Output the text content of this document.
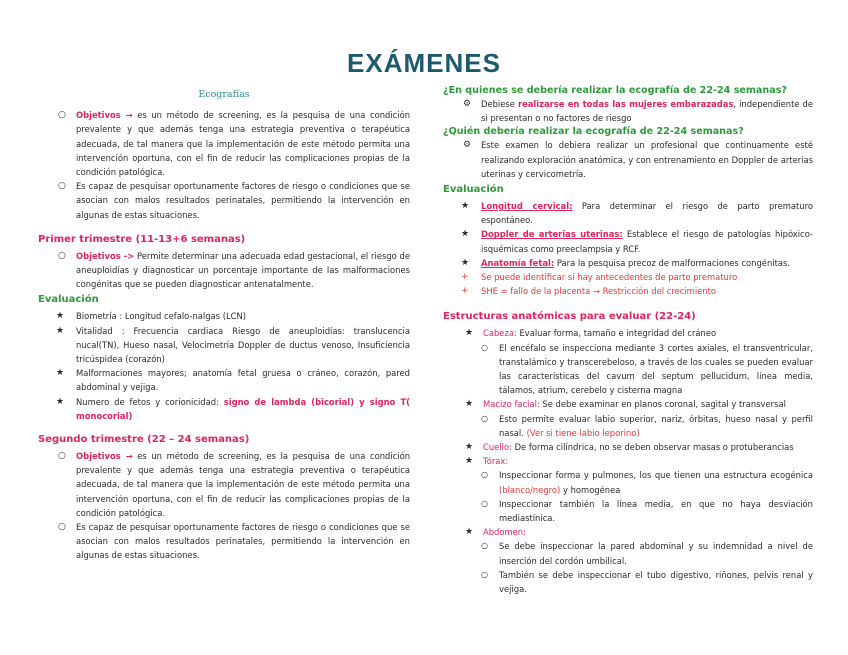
EXÁMENES
Ecografías
○ Objetivos → es un método de screening, es la pesquisa de una condición prevalente y que además tenga una estrategia preventiva o terapéutica adecuada, de tal manera que la implementación de este método permita una intervención oportuna, con el fin de reducir las complicaciones propias de la condición patológica.
○ Es capaz de pesquisar oportunamente factores de riesgo o condiciones que se asocian con malos resultados perinatales, permitiendo la intervención en algunas de estas situaciones.
Primer trimestre (11-13+6 semanas)
○ Objetivos -> Permite determinar una adecuada edad gestacional, el riesgo de aneuploidías y diagnosticar un porcentaje importante de las malformaciones congénitas que se pueden diagnosticar antenatalmente.
Evaluación
★ Biometría : Longitud cefalo-nalgas (LCN)
★ Vitalidad : Frecuencia cardiaca Riesgo de aneuploidías: translucencia nucal(TN), Hueso nasal, Velocimetría Doppler de ductus venoso, Insuficiencia tricúspidea (corazón)
★ Malformaciones mayores; anatomía fetal gruesa o cráneo, corazón, pared abdominal y vejiga.
★ Numero de fetos y corionicidad: signo de lambda (bicorial) y signo T( monocorial)
Segundo trimestre (22 – 24 semanas)
○ Objetivos → es un método de screening, es la pesquisa de una condición prevalente y que además tenga una estrategia preventiva o terapéutica adecuada, de tal manera que la implementación de este método permita una intervención oportuna, con el fin de reducir las complicaciones propias de la condición patológica.
○ Es capaz de pesquisar oportunamente factores de riesgo o condiciones que se asocian con malos resultados perinatales, permitiendo la intervención en algunas de estas situaciones.
¿En quienes se debería realizar la ecografía de 22-24 semanas?
⚙ Debiese realizarse en todas las mujeres embarazadas, independiente de si presentan o no factores de riesgo
¿Quién debería realizar la ecografía de 22-24 semanas?
⚙ Este examen lo debiera realizar un profesional que continuamente esté realizando exploración anatómica, y con entrenamiento en Doppler de arterias uterinas y cervicometría.
Evaluación
★ Longitud cervical: Para determinar el riesgo de parto prematuro espontáneo.
★ Doppler de arterias uterinas: Establece el riesgo de patologías hipóxico-isquémicas como preeclampsia y RCF.
★ Anatomía fetal: Para la pesquisa precoz de malformaciones congénitas.
+ Se puede identificar si hay antecedentes de parto prematuro
+ SHE = fallo de la placenta → Restricción del crecimiento
Estructuras anatómicas para evaluar (22-24)
★ Cabeza: Evaluar forma, tamaño e integridad del cráneo
○ El encéfalo se inspecciona mediante 3 cortes axiales, el transventricular, transtalámico y transcerebeloso, a través de los cuales se pueden evaluar las características del cavum del septum pellucidum, línea media, tálamos, atrium, cerebelo y cisterna magna
★ Macizo facial: Se debe examinar en planos coronal, sagital y transversal
○ Esto permite evaluar labio superior, nariz, órbitas, hueso nasal y perfil nasal. (Ver si tiene labio leporino)
★ Cuello: De forma cilíndrica, no se deben observar masas o protuberancias
★ Tórax:
○ Inspeccionar forma y pulmones, los que tienen una estructura ecogénica (blanco/negro) y homogénea
○ Inspeccionar también la línea media, en que no haya desviación mediastínica.
★ Abdomen:
○ Se debe inspeccionar la pared abdominal y su indemnidad a nivel de inserción del cordón umbilical.
○ También se debe inspeccionar el tubo digestivo, riñones, pelvis renal y vejiga.
